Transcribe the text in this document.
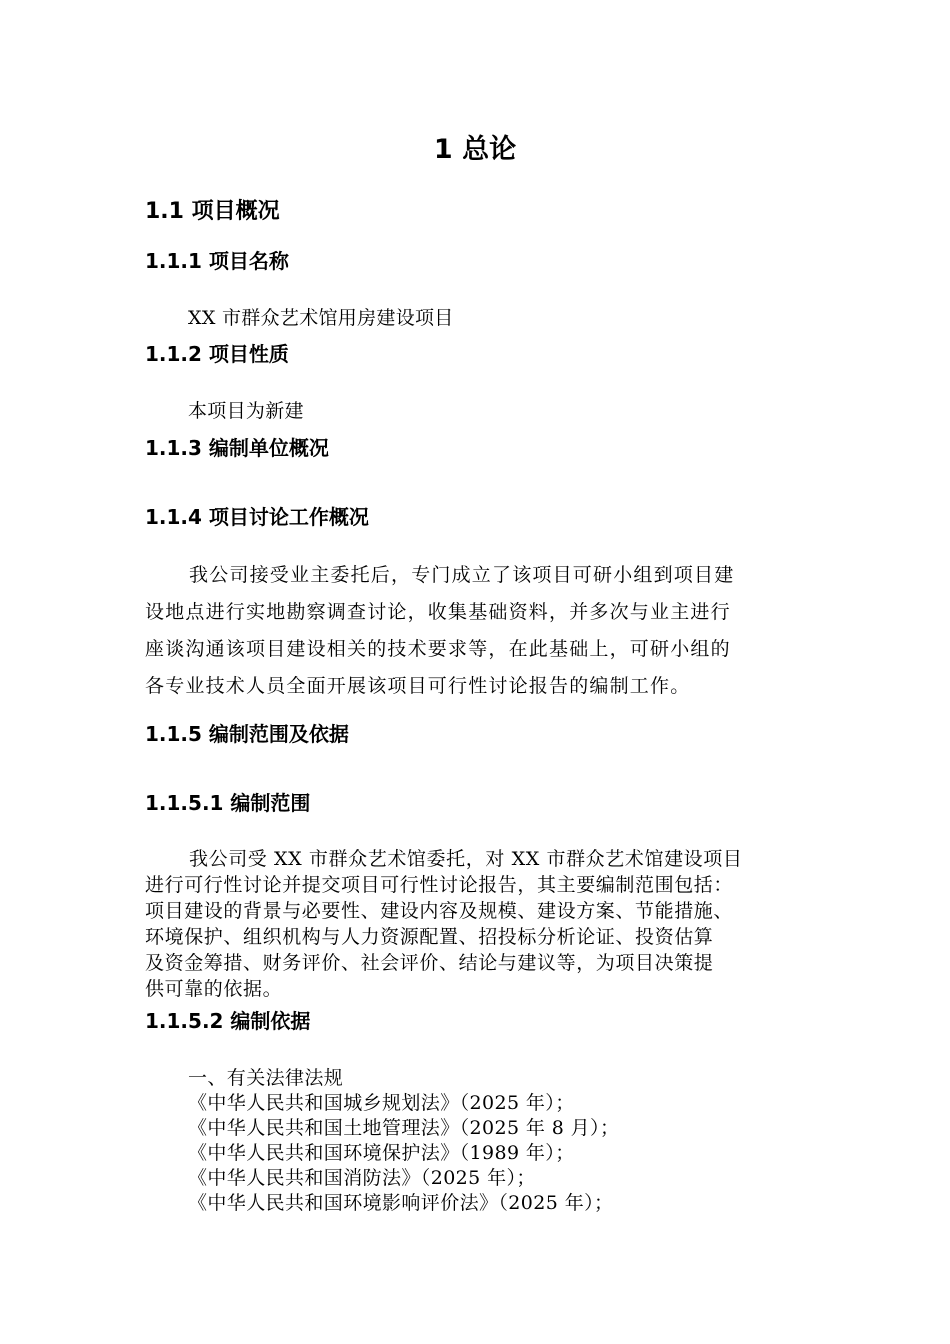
1 总论
1.1 项目概况
1.1.1 项目名称

XX 市群众艺术馆用房建设项目

1.1.2 项目性质

本项目为新建

1.1.3 编制单位概况
1.1.4 项目讨论工作概况
我公司接受业主委托后，专门成立了该项目可研小组到项目建
设地点进行实地勘察调查讨论，收集基础资料，并多次与业主进行
座谈沟通该项目建设相关的技术要求等，在此基础上，可研小组的
各专业技术人员全面开展该项目可行性讨论报告的编制工作。
1.1.5 编制范围及依据
1.1.5.1 编制范围
我公司受 XX 市群众艺术馆委托，对 XX 市群众艺术馆建设项目
进行可行性讨论并提交项目可行性讨论报告，其主要编制范围包括：
项目建设的背景与必要性、建设内容及规模、建设方案、节能措施、
环境保护、组织机构与人力资源配置、招投标分析论证、投资估算
及资金筹措、财务评价、社会评价、结论与建议等，为项目决策提
供可靠的依据。
1.1.5.2 编制依据
一、有关法律法规
《中华人民共和国城乡规划法》（2025 年）；
《中华人民共和国土地管理法》（2025 年 8 月）；
《中华人民共和国环境保护法》（1989 年）；
《中华人民共和国消防法》（2025 年）；
《中华人民共和国环境影响评价法》（2025 年）；
